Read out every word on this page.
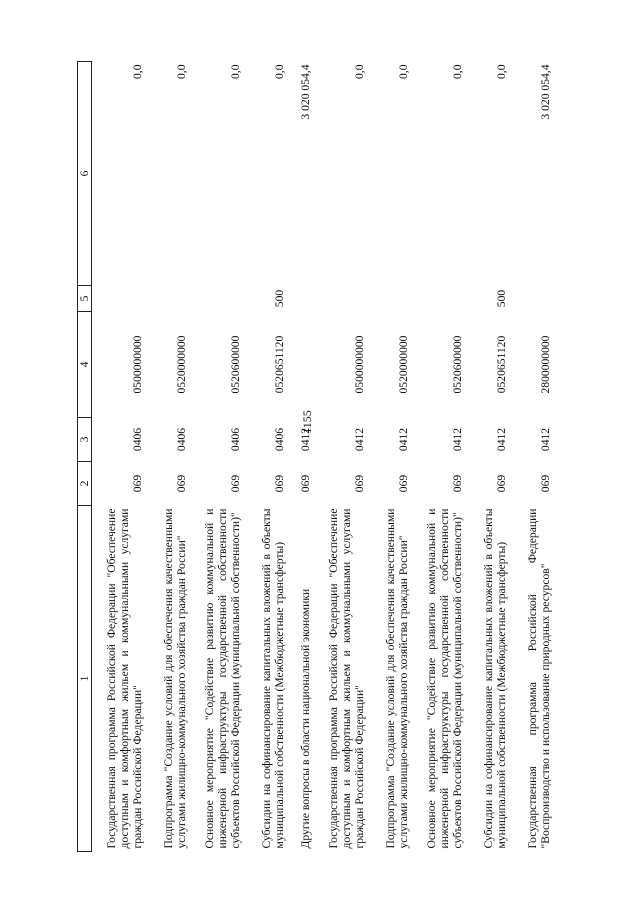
1155
1	2	3	4	5	6
Государственная программа Российской Федерации "Обеспечение доступным и комфортным жильем и коммунальными услугами граждан Российской Федерации"	069	0406	0500000000		0,0
Подпрограмма "Создание условий для обеспечения качественными услугами жилищно-коммунального хозяйства граждан России"	069	0406	0520000000		0,0
Основное мероприятие "Содействие развитию коммунальной и инженерной инфраструктуры государственной собственности субъектов Российской Федерации (муниципальной собственности)"	069	0406	0520600000		0,0
Субсидии на софинансирование капитальных вложений в объекты муниципальной собственности (Межбюджетные трансферты)	069	0406	0520651120	500	0,0
Другие вопросы в области национальной экономики	069	0412			3 020 054,4
Государственная программа Российской Федерации "Обеспечение доступным и комфортным жильем и коммунальными услугами граждан Российской Федерации"	069	0412	0500000000		0,0
Подпрограмма "Создание условий для обеспечения качественными услугами жилищно-коммунального хозяйства граждан России"	069	0412	0520000000		0,0
Основное мероприятие "Содействие развитию коммунальной и инженерной инфраструктуры государственной собственности субъектов Российской Федерации (муниципальной собственности)"	069	0412	0520600000		0,0
Субсидии на софинансирование капитальных вложений в объекты муниципальной собственности (Межбюджетные трансферты)	069	0412	0520651120	500	0,0
Государственная программа Российской Федерации "Воспроизводство и использование природных ресурсов"	069	0412	2800000000		3 020 054,4
